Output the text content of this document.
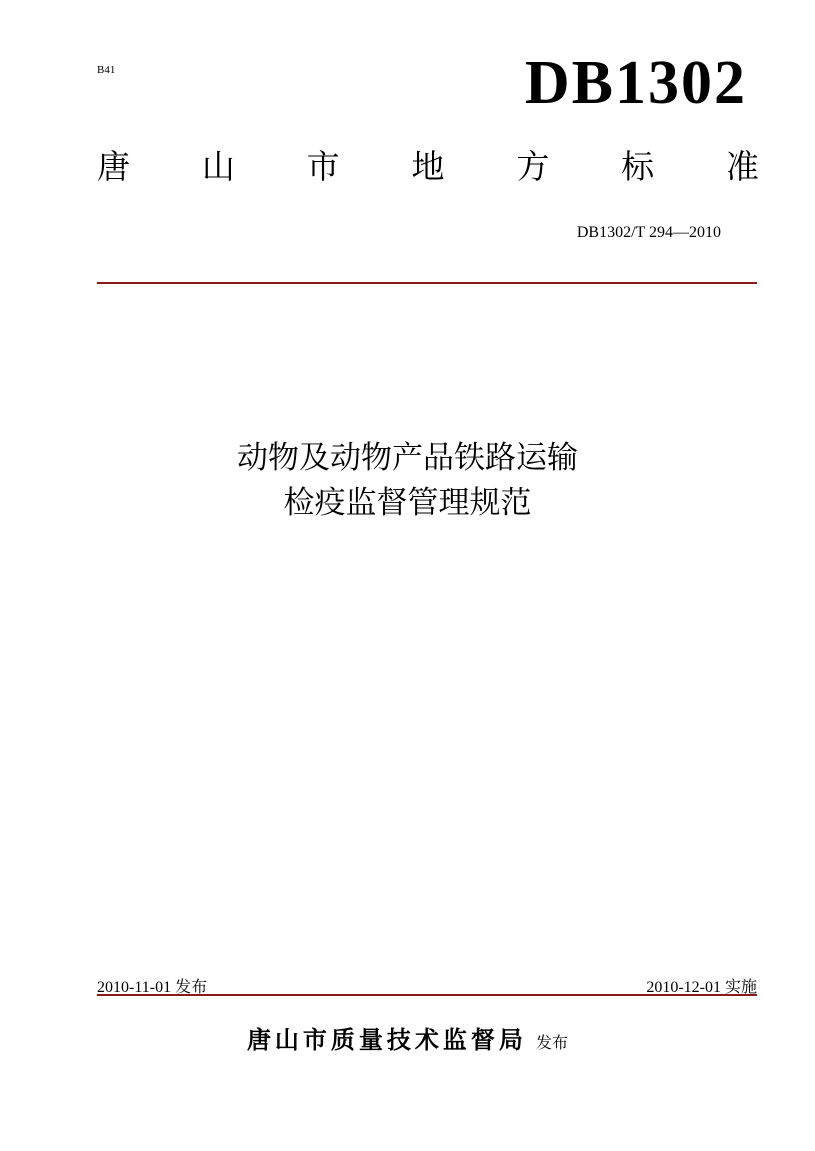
B41	DB1302
唐 山 市 地 方 标 准
DB1302/T 294—2010
动物及动物产品铁路运输
检疫监督管理规范
2010-11-01 发布	2010-12-01 实施
唐山市质量技术监督局 发布
